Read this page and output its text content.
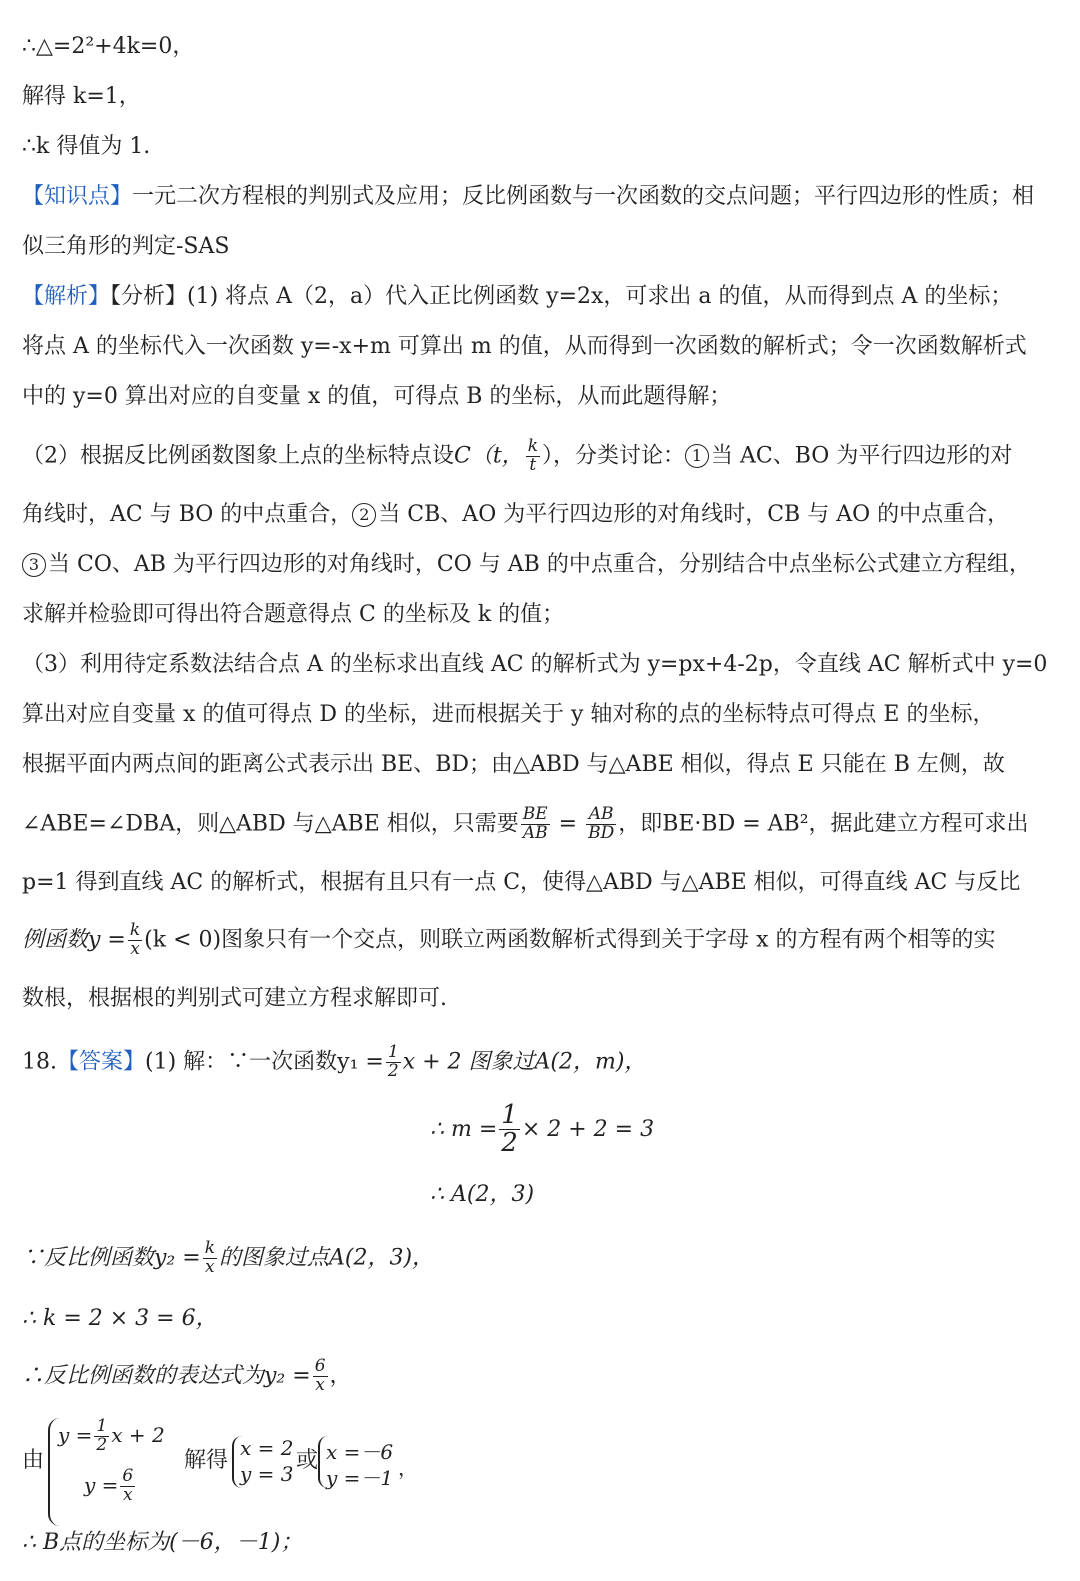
∴△=2²+4k=0，
解得 k=1，
∴k 得值为 1.
【知识点】一元二次方程根的判别式及应用；反比例函数与一次函数的交点问题；平行四边形的性质；相
似三角形的判定-SAS
【解析】【分析】(1) 将点 A（2，a）代入正比例函数 y=2x，可求出 a 的值，从而得到点 A 的坐标；
将点 A 的坐标代入一次函数 y=-x+m 可算出 m 的值，从而得到一次函数的解析式；令一次函数解析式
中的 y=0 算出对应的自变量 x 的值，可得点 B 的坐标，从而此题得解；
（2）根据反比例函数图象上点的坐标特点设C（t， $\frac{k}{t}$ ），分类讨论： 1 当 AC、BO 为平行四边形的对
角线时，AC 与 BO 的中点重合， 2 当 CB、AO 为平行四边形的对角线时，CB 与 AO 的中点重合，
3 当 CO、AB 为平行四边形的对角线时，CO 与 AB 的中点重合，分别结合中点坐标公式建立方程组，
求解并检验即可得出符合题意得点 C 的坐标及 k 的值；
（3）利用待定系数法结合点 A 的坐标求出直线 AC 的解析式为 y=px+4-2p，令直线 AC 解析式中 y=0
算出对应自变量 x 的值可得点 D 的坐标，进而根据关于 y 轴对称的点的坐标特点可得点 E 的坐标，
根据平面内两点间的距离公式表示出 BE、BD；由△ABD 与△ABE 相似，得点 E 只能在 B 左侧，故
∠ABE=∠DBA，则△ABD 与△ABE 相似，只需要 $\frac{BE}{AB} = \frac{AB}{BD}$ ，即BE·BD = AB²，据此建立方程可求出
p=1 得到直线 AC 的解析式，根据有且只有一点 C，使得△ABD 与△ABE 相似，可得直线 AC 与反比
例函数$y = \frac{k}{x} (k < 0)$图象只有一个交点，则联立两函数解析式得到关于字母 x 的方程有两个相等的实
数根，根据根的判别式可建立方程求解即可.
18.【答案】(1) 解：∵一次函数$y_1 = \frac{1}{2}$ x + 2 图象过A(2，m)，
∴ $m = \frac{1}{2} \times 2 + 2 = 3$
∴ A(2，3)
∵反比例函数$y_2 = \frac{k}{x}$ 的图象过点A(2，3)，
∴ k = 2 × 3 = 6，
∴反比例函数的表达式为$y_2 = \frac{6}{x}$ ，
由
$y = \frac{1}{2}$ x + 2
$y = \frac{6}{x}$
解得 x = 2
y = 3
或 x =－6
y =－1 ，
∴ B点的坐标为(－6，－1)；
